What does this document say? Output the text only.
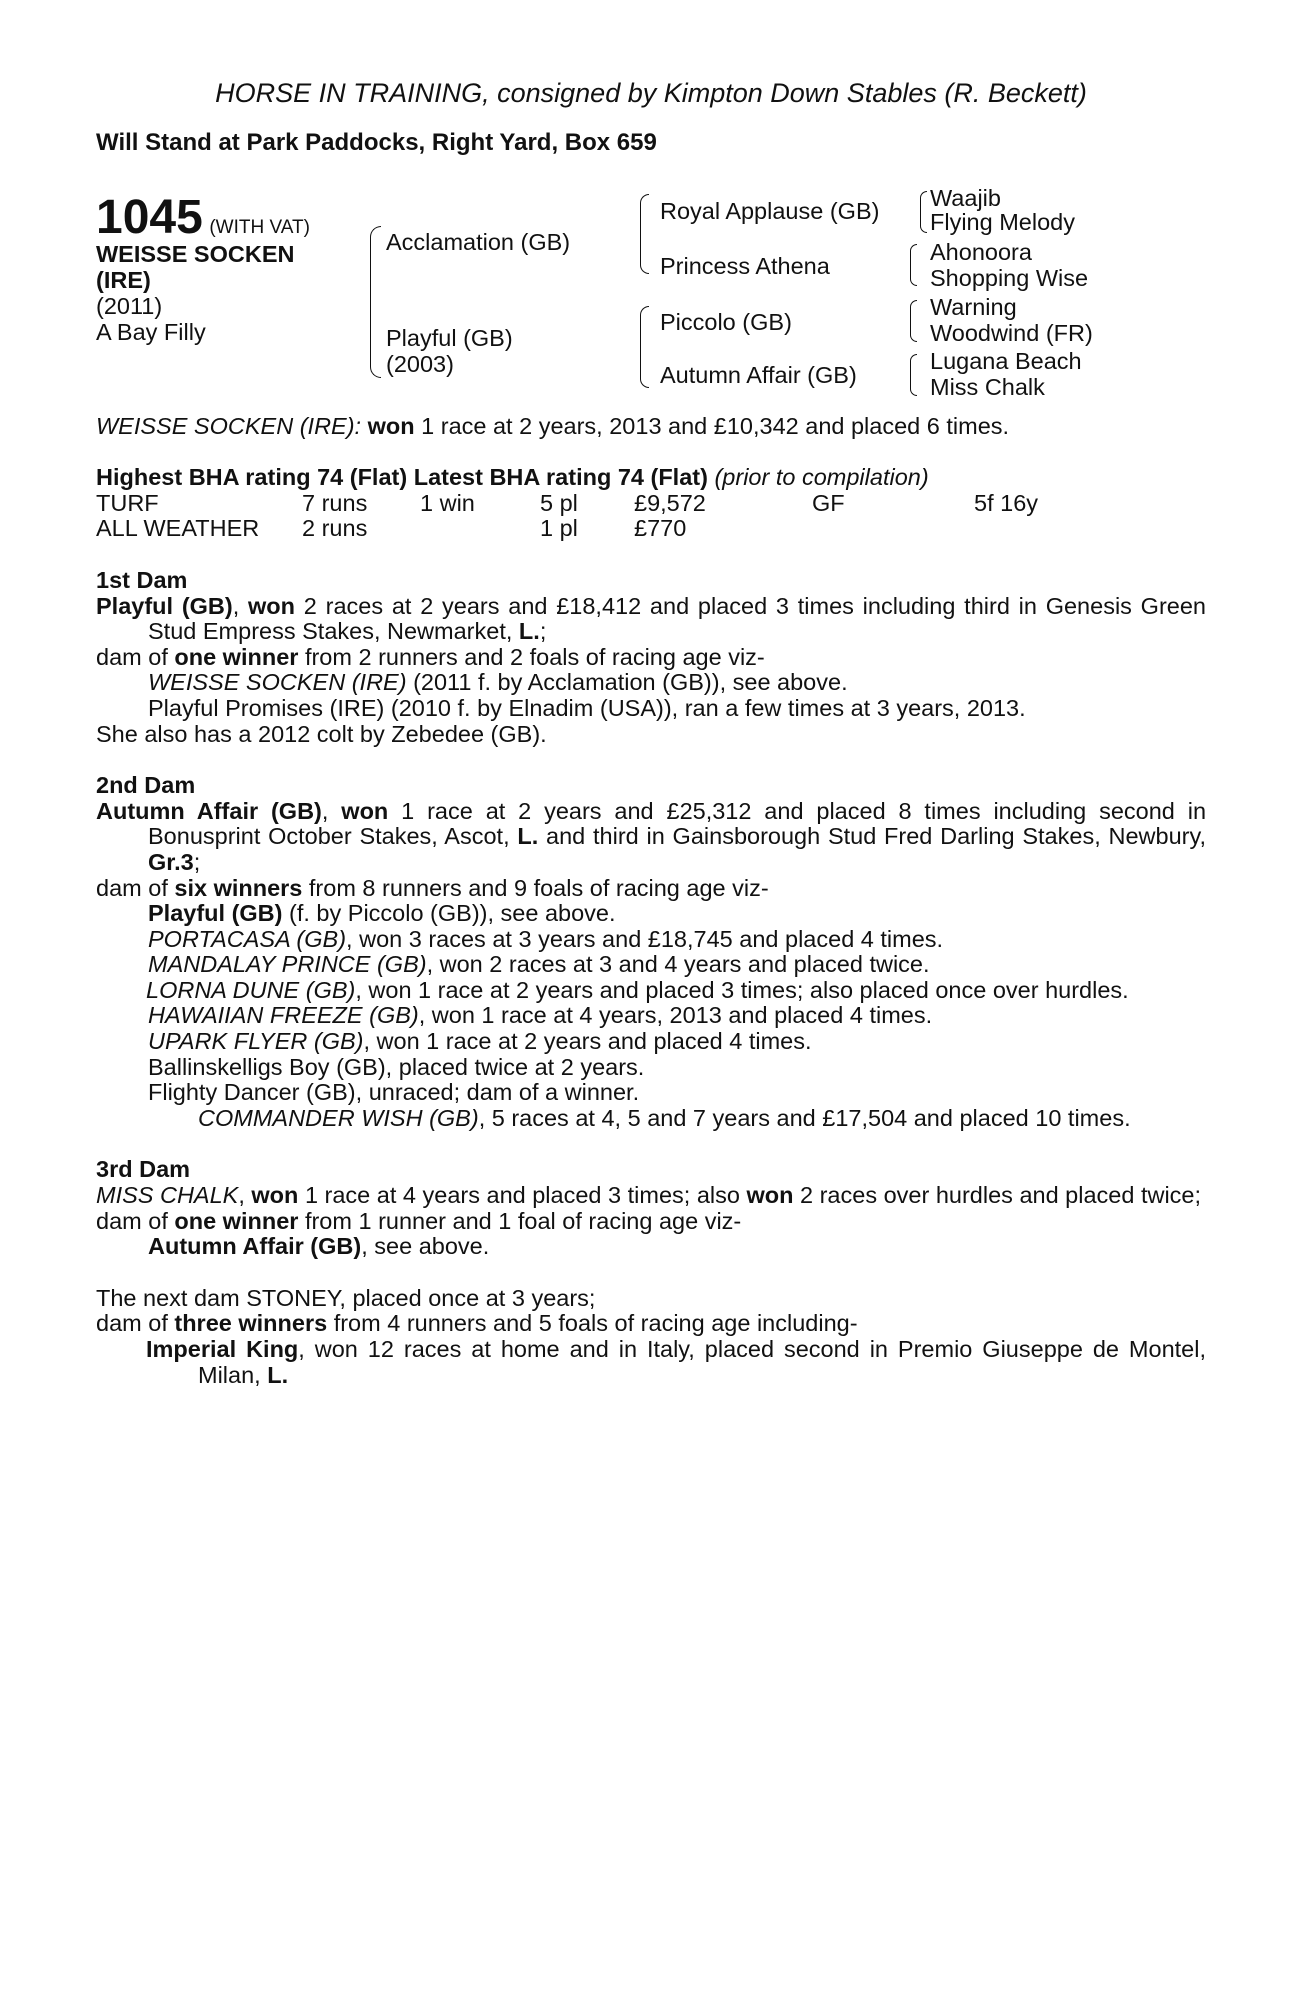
HORSE IN TRAINING, consigned by Kimpton Down Stables (R. Beckett)
Will Stand at Park Paddocks, Right Yard, Box 659
1045 (WITH VAT)
WEISSE SOCKEN
(IRE)
(2011)
A Bay Filly
Acclamation (GB)
Playful (GB)
(2003)
Royal Applause (GB)
Princess Athena
Piccolo (GB)
Autumn Affair (GB)
Waajib
Flying Melody
Ahonoora
Shopping Wise
Warning
Woodwind (FR)
Lugana Beach
Miss Chalk

WEISSE SOCKEN (IRE): won 1 race at 2 years, 2013 and £10,342 and placed 6 times.

Highest BHA rating 74 (Flat) Latest BHA rating 74 (Flat) (prior to compilation)

TURF	7 runs	1 win	5 pl	£9,572	GF	5f 16y
ALL WEATHER	2 runs		1 pl	£770		

1st Dam

Playful (GB), won 2 races at 2 years and £18,412 and placed 3 times including third in Genesis Green Stud Empress Stakes, Newmarket, L.;

dam of one winner from 2 runners and 2 foals of racing age viz-

WEISSE SOCKEN (IRE) (2011 f. by Acclamation (GB)), see above.

Playful Promises (IRE) (2010 f. by Elnadim (USA)), ran a few times at 3 years, 2013.

She also has a 2012 colt by Zebedee (GB).

2nd Dam

Autumn Affair (GB), won 1 race at 2 years and £25,312 and placed 8 times including second in Bonusprint October Stakes, Ascot, L. and third in Gainsborough Stud Fred Darling Stakes, Newbury, Gr.3;

dam of six winners from 8 runners and 9 foals of racing age viz-

Playful (GB) (f. by Piccolo (GB)), see above.

PORTACASA (GB), won 3 races at 3 years and £18,745 and placed 4 times.

MANDALAY PRINCE (GB), won 2 races at 3 and 4 years and placed twice.

LORNA DUNE (GB), won 1 race at 2 years and placed 3 times; also placed once over hurdles.

HAWAIIAN FREEZE (GB), won 1 race at 4 years, 2013 and placed 4 times.

UPARK FLYER (GB), won 1 race at 2 years and placed 4 times.

Ballinskelligs Boy (GB), placed twice at 2 years.

Flighty Dancer (GB), unraced; dam of a winner.

COMMANDER WISH (GB), 5 races at 4, 5 and 7 years and £17,504 and placed 10 times.

3rd Dam

MISS CHALK, won 1 race at 4 years and placed 3 times; also won 2 races over hurdles and placed twice;

dam of one winner from 1 runner and 1 foal of racing age viz-

Autumn Affair (GB), see above.

The next dam STONEY, placed once at 3 years;

dam of three winners from 4 runners and 5 foals of racing age including-

Imperial King, won 12 races at home and in Italy, placed second in Premio Giuseppe de Montel, Milan, L.
